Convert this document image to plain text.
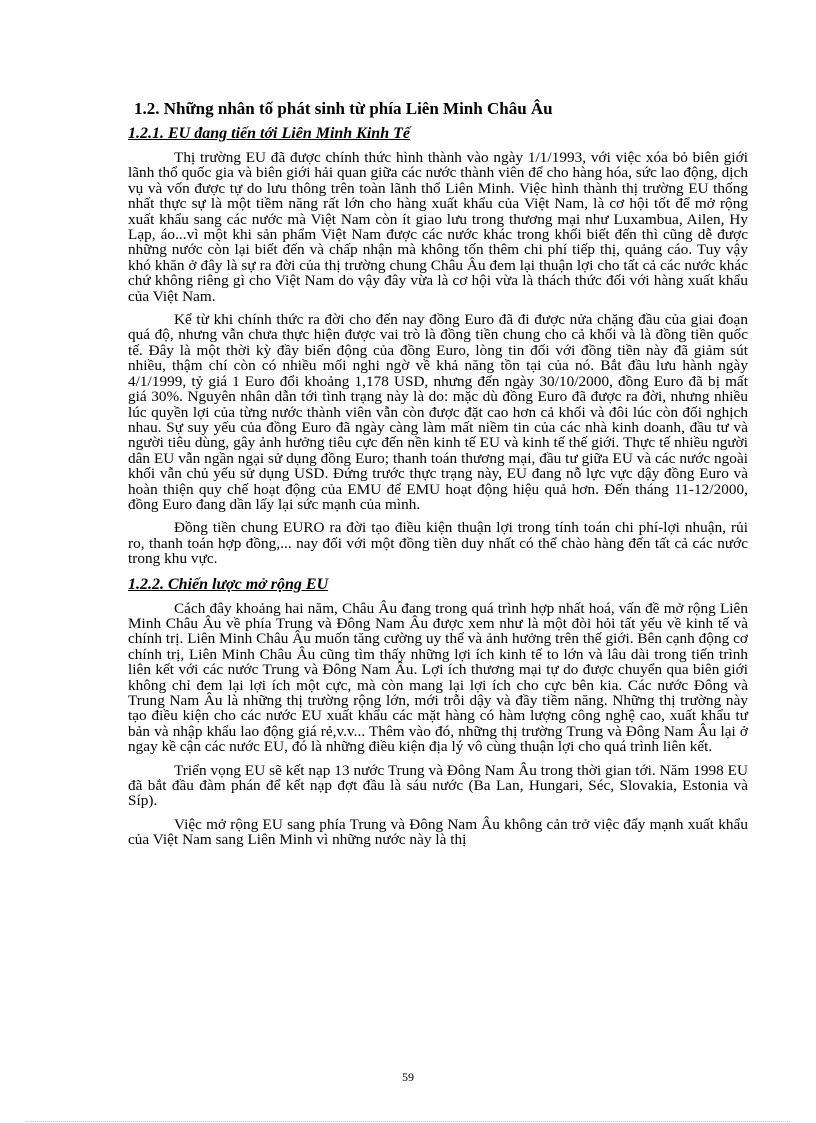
1.2. Những nhân tố phát sinh từ phía Liên Minh Châu Âu
1.2.1. EU đang tiến tới Liên Minh Kinh Tế

Thị trường EU đã được chính thức hình thành vào ngày 1/1/1993, với việc xóa bỏ biên giới lãnh thổ quốc gia và biên giới hải quan giữa các nước thành viên để cho hàng hóa, sức lao động, dịch vụ và vốn được tự do lưu thông trên toàn lãnh thổ Liên Minh. Việc hình thành thị trường EU thống nhất thực sự là một tiềm năng rất lớn cho hàng xuất khẩu của Việt Nam, là cơ hội tốt để mở rộng xuất khẩu sang các nước mà Việt Nam còn ít giao lưu trong thương mại như Luxambua, Ailen, Hy Lạp, áo...vì một khi sản phẩm Việt Nam được các nước khác trong khối biết đến thì cũng dễ được những nước còn lại biết đến và chấp nhận mà không tốn thêm chi phí tiếp thị, quảng cáo. Tuy vậy khó khăn ở đây là sự ra đời của thị trường chung Châu Âu đem lại thuận lợi cho tất cả các nước khác chứ không riêng gì cho Việt Nam do vậy đây vừa là cơ hội vừa là thách thức đối với hàng xuất khẩu của Việt Nam.

Kể từ khi chính thức ra đời cho đến nay đồng Euro đã đi được nửa chặng đầu của giai đoạn quá độ, nhưng vẫn chưa thực hiện được vai trò là đồng tiền chung cho cả khối và là đồng tiền quốc tế. Đây là một thời kỳ đầy biến động của đồng Euro, lòng tin đối với đồng tiền này đã giảm sút nhiều, thậm chí còn có nhiều mối nghi ngờ về khả năng tồn tại của nó. Bắt đầu lưu hành ngày 4/1/1999, tỷ giá 1 Euro đổi khoảng 1,178 USD, nhưng đến ngày 30/10/2000, đồng Euro đã bị mất giá 30%. Nguyên nhân dẫn tới tình trạng này là do: mặc dù đồng Euro đã được ra đời, nhưng nhiều lúc quyền lợi của từng nước thành viên vẫn còn được đặt cao hơn cả khối và đôi lúc còn đối nghịch nhau. Sự suy yếu của đồng Euro đã ngày càng làm mất niềm tin của các nhà kinh doanh, đầu tư và người tiêu dùng, gây ảnh hưởng tiêu cực đến nền kinh tế EU và kinh tế thế giới. Thực tế nhiều người dân EU vẫn ngần ngại sử dụng đồng Euro; thanh toán thương mại, đầu tư giữa EU và các nước ngoài khối vẫn chủ yếu sử dụng USD. Đứng trước thực trạng này, EU đang nỗ lực vực dậy đồng Euro và hoàn thiện quy chế hoạt động của EMU để EMU hoạt động hiệu quả hơn. Đến tháng 11-12/2000, đồng Euro đang dần lấy lại sức mạnh của mình.

Đồng tiền chung EURO ra đời tạo điều kiện thuận lợi trong tính toán chi phí-lợi nhuận, rủi ro, thanh toán hợp đồng,... nay đối với một đồng tiền duy nhất có thể chào hàng đến tất cả các nước trong khu vực.

1.2.2. Chiến lược mở rộng EU

Cách đây khoảng hai năm, Châu Âu đang trong quá trình hợp nhất hoá, vấn đề mở rộng Liên Minh Châu Âu về phía Trung và Đông Nam Âu được xem như là một đòi hỏi tất yếu về kinh tế và chính trị. Liên Minh Châu Âu muốn tăng cường uy thế và ảnh hưởng trên thế giới. Bên cạnh động cơ chính trị, Liên Minh Châu Âu cũng tìm thấy những lợi ích kinh tế to lớn và lâu dài trong tiến trình liên kết với các nước Trung và Đông Nam Âu. Lợi ích thương mại tự do được chuyển qua biên giới không chỉ đem lại lợi ích một cực, mà còn mang lại lợi ích cho cực bên kia. Các nước Đông và Trung Nam Âu là những thị trường rộng lớn, mới trỗi dậy và đầy tiềm năng. Những thị trường này tạo điều kiện cho các nước EU xuất khẩu các mặt hàng có hàm lượng công nghệ cao, xuất khẩu tư bản và nhập khẩu lao động giá rẻ,v.v... Thêm vào đó, những thị trường Trung và Đông Nam Âu lại ở ngay kề cận các nước EU, đó là những điều kiện địa lý vô cùng thuận lợi cho quá trình liên kết.

Triển vọng EU sẽ kết nạp 13 nước Trung và Đông Nam Âu trong thời gian tới. Năm 1998 EU đã bắt đầu đàm phán để kết nạp đợt đầu là sáu nước (Ba Lan, Hungari, Séc, Slovakia, Estonia và Síp).

Việc mở rộng EU sang phía Trung và Đông Nam Âu không cản trở việc đẩy mạnh xuất khẩu của Việt Nam sang Liên Minh vì những nước này là thị

59
